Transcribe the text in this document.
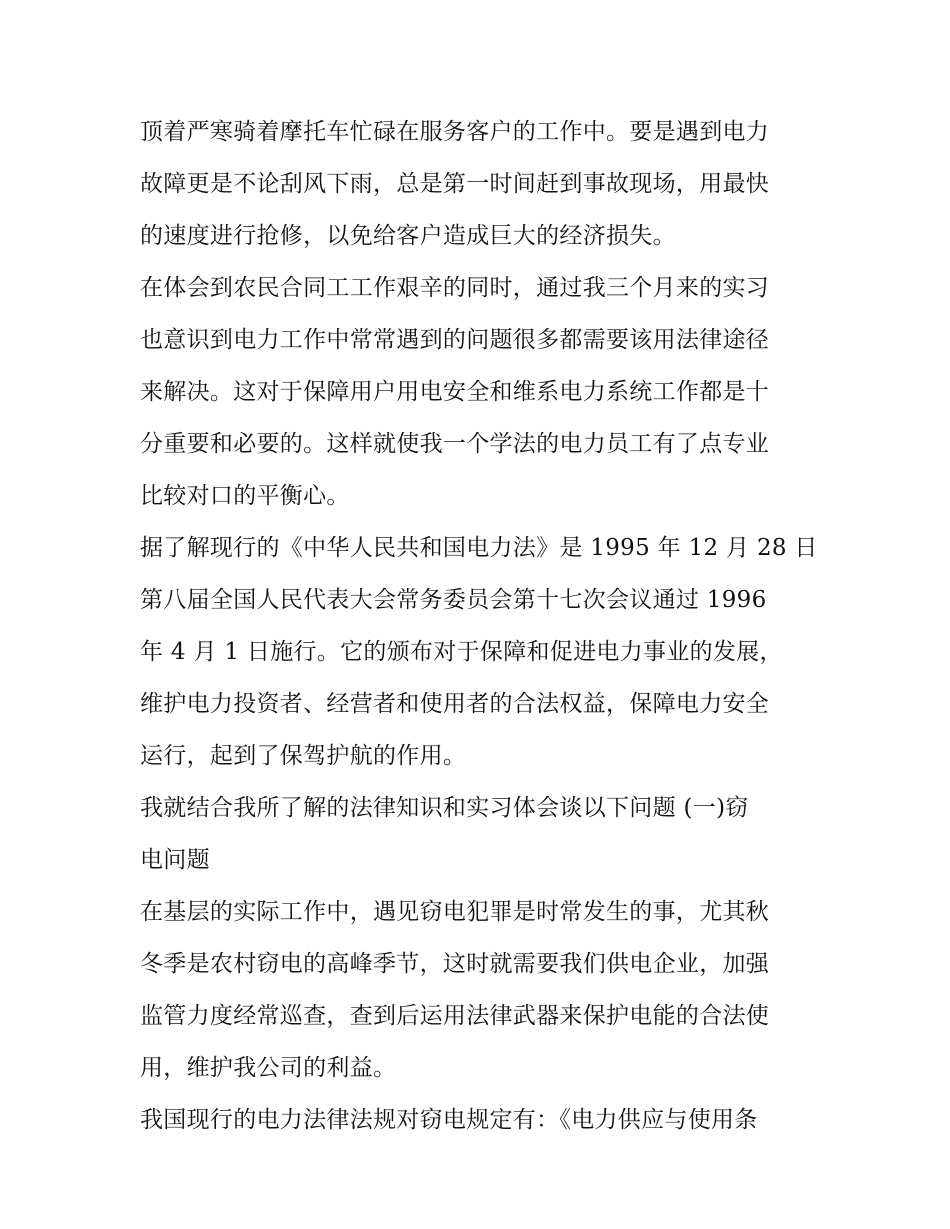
顶着严寒骑着摩托车忙碌在服务客户的工作中。要是遇到电力
故障更是不论刮风下雨，总是第一时间赶到事故现场，用最快
的速度进行抢修，以免给客户造成巨大的经济损失。
在体会到农民合同工工作艰辛的同时，通过我三个月来的实习
也意识到电力工作中常常遇到的问题很多都需要该用法律途径
来解决。这对于保障用户用电安全和维系电力系统工作都是十
分重要和必要的。这样就使我一个学法的电力员工有了点专业
比较对口的平衡心。
据了解现行的《中华人民共和国电力法》是 1995 年 12 月 28 日
第八届全国人民代表大会常务委员会第十七次会议通过 1996
年 4 月 1 日施行。它的颁布对于保障和促进电力事业的发展，
维护电力投资者、经营者和使用者的合法权益，保障电力安全
运行，起到了保驾护航的作用。
我就结合我所了解的法律知识和实习体会谈以下问题 (一)窃
电问题
在基层的实际工作中，遇见窃电犯罪是时常发生的事，尤其秋
冬季是农村窃电的高峰季节，这时就需要我们供电企业，加强
监管力度经常巡查，查到后运用法律武器来保护电能的合法使
用，维护我公司的利益。
我国现行的电力法律法规对窃电规定有：《电力供应与使用条
